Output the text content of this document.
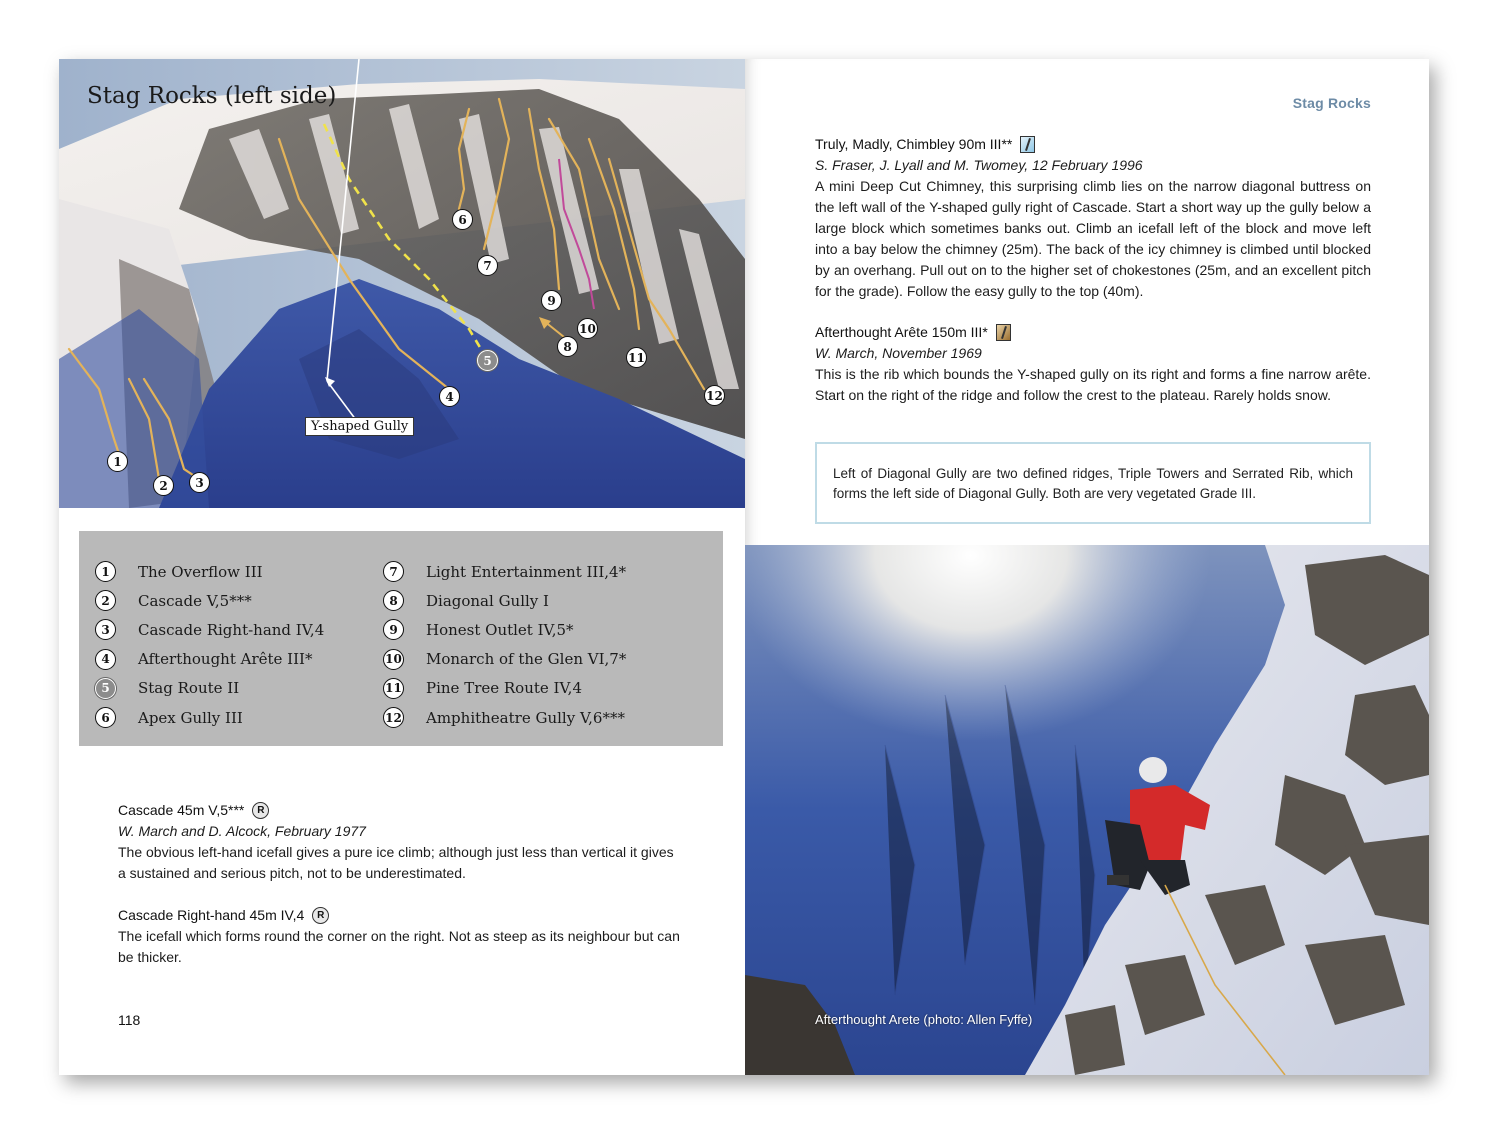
Stag Rocks (left side)
Y-shaped Gully
1
2	3
4
5
6
7
8
9
10
11
12
1	The Overflow III
2	Cascade V,5***
3	Cascade Right-hand IV,4
4	Afterthought Arête III*
5	Stag Route II
6	Apex Gully III
7	Light Entertainment III,4*
8	Diagonal Gully I
9	Honest Outlet IV,5*
10 Monarch of the Glen VI,7*
11 Pine Tree Route IV,4
12 Amphitheatre Gully V,6***
Cascade 45m V,5***	R
W. March and D. Alcock, February 1977
The obvious left-hand icefall gives a pure ice climb; although just less than vertical it gives a sustained and serious pitch, not to be underestimated.
Cascade Right-hand 45m IV,4	R
The icefall which forms round the corner on the right. Not as steep as its neighbour but can be thicker.
118
Stag Rocks
Truly, Madly, Chimbley 90m III**
S. Fraser, J. Lyall and M. Twomey, 12 February 1996
A mini Deep Cut Chimney, this surprising climb lies on the narrow diagonal buttress on the left wall of the Y-shaped gully right of Cascade. Start a short way up the gully below a large block which sometimes banks out. Climb an icefall left of the block and move left into a bay below the chimney (25m). The back of the icy chimney is climbed until blocked by an overhang. Pull out on to the higher set of chokestones (25m, and an excellent pitch for the grade). Follow the easy gully to the top (40m).
Afterthought Arête 150m III*
W. March, November 1969
This is the rib which bounds the Y-shaped gully on its right and forms a fine narrow arête. Start on the right of the ridge and follow the crest to the plateau. Rarely holds snow.
Left of Diagonal Gully are two defined ridges, Triple Towers and Serrated Rib, which forms the left side of Diagonal Gully. Both are very vegetated Grade III.
Afterthought Arete (photo: Allen Fyffe)
